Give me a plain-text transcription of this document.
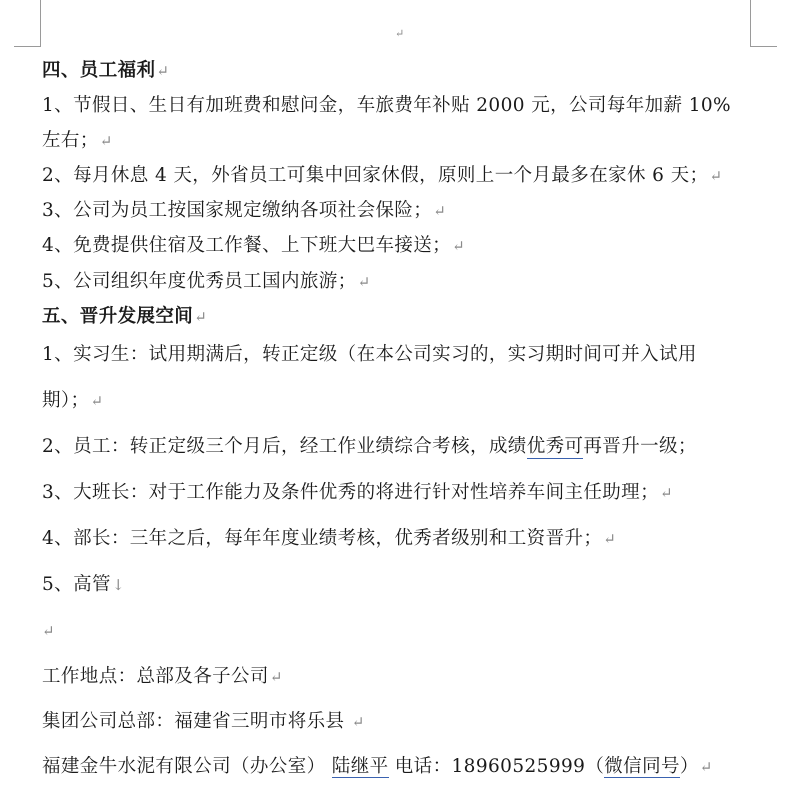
↵
四、员工福利↵
1、节假日、生日有加班费和慰问金，车旅费年补贴 2000 元，公司每年加薪 10%
左右；↵
2、每月休息 4 天，外省员工可集中回家休假，原则上一个月最多在家休 6 天；↵
3、公司为员工按国家规定缴纳各项社会保险；↵
4、免费提供住宿及工作餐、上下班大巴车接送；↵
5、公司组织年度优秀员工国内旅游；↵
五、晋升发展空间↵
1、实习生：试用期满后，转正定级（在本公司实习的，实习期时间可并入试用
期）；↵
2、员工：转正定级三个月后，经工作业绩综合考核，成绩优秀可再晋升一级；
3、大班长：对于工作能力及条件优秀的将进行针对性培养车间主任助理；↵
4、部长：三年之后，每年年度业绩考核，优秀者级别和工资晋升；↵
5、高管↓
↵
工作地点：总部及各子公司↵
集团公司总部：福建省三明市将乐县 ↵
福建金牛水泥有限公司（办公室） 陆继平 电话：18960525999（微信同号）↵
